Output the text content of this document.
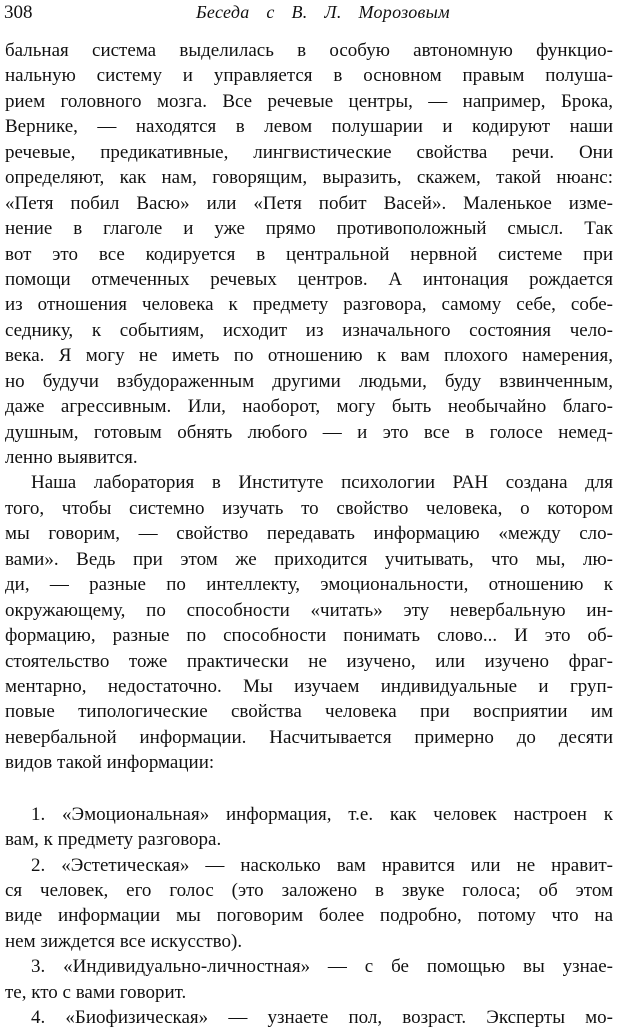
308	Беседа с В. Л. Морозовым
бальная система выделилась в особую автономную функцио-
нальную систему и управляется в основном правым полуша-
рием головного мозга. Все речевые центры, — например, Брока,
Вернике, — находятся в левом полушарии и кодируют наши
речевые, предикативные, лингвистические свойства речи. Они
определяют, как нам, говорящим, выразить, скажем, такой нюанс:
«Петя побил Васю» или «Петя побит Васей». Маленькое изме-
нение в глаголе и уже прямо противоположный смысл. Так
вот это все кодируется в центральной нервной системе при
помощи отмеченных речевых центров. А интонация рождается
из отношения человека к предмету разговора, самому себе, собе-
седнику, к событиям, исходит из изначального состояния чело-
века. Я могу не иметь по отношению к вам плохого намерения,
но будучи взбудораженным другими людьми, буду взвинченным,
даже агрессивным. Или, наоборот, могу быть необычайно благо-
душным, готовым обнять любого — и это все в голосе немед-
ленно выявится.
Наша лаборатория в Институте психологии РАН создана для
того, чтобы системно изучать то свойство человека, о котором
мы говорим, — свойство передавать информацию «между сло-
вами». Ведь при этом же приходится учитывать, что мы, лю-
ди, — разные по интеллекту, эмоциональности, отношению к
окружающему, по способности «читать» эту невербальную ин-
формацию, разные по способности понимать слово... И это об-
стоятельство тоже практически не изучено, или изучено фраг-
ментарно, недостаточно. Мы изучаем индивидуальные и груп-
повые типологические свойства человека при восприятии им
невербальной информации. Насчитывается примерно до десяти
видов такой информации:
1. «Эмоциональная» информация, т.е. как человек настроен к
вам, к предмету разговора.
2. «Эстетическая» — насколько вам нравится или не нравит-
ся человек, его голос (это заложено в звуке голоса; об этом
виде информации мы поговорим более подробно, потому что на
нем зиждется все искусство).
3. «Индивидуально-личностная» — с бе помощью вы узнае-
те, кто с вами говорит.
4. «Биофизическая» — узнаете пол, возраст. Эксперты мо-
